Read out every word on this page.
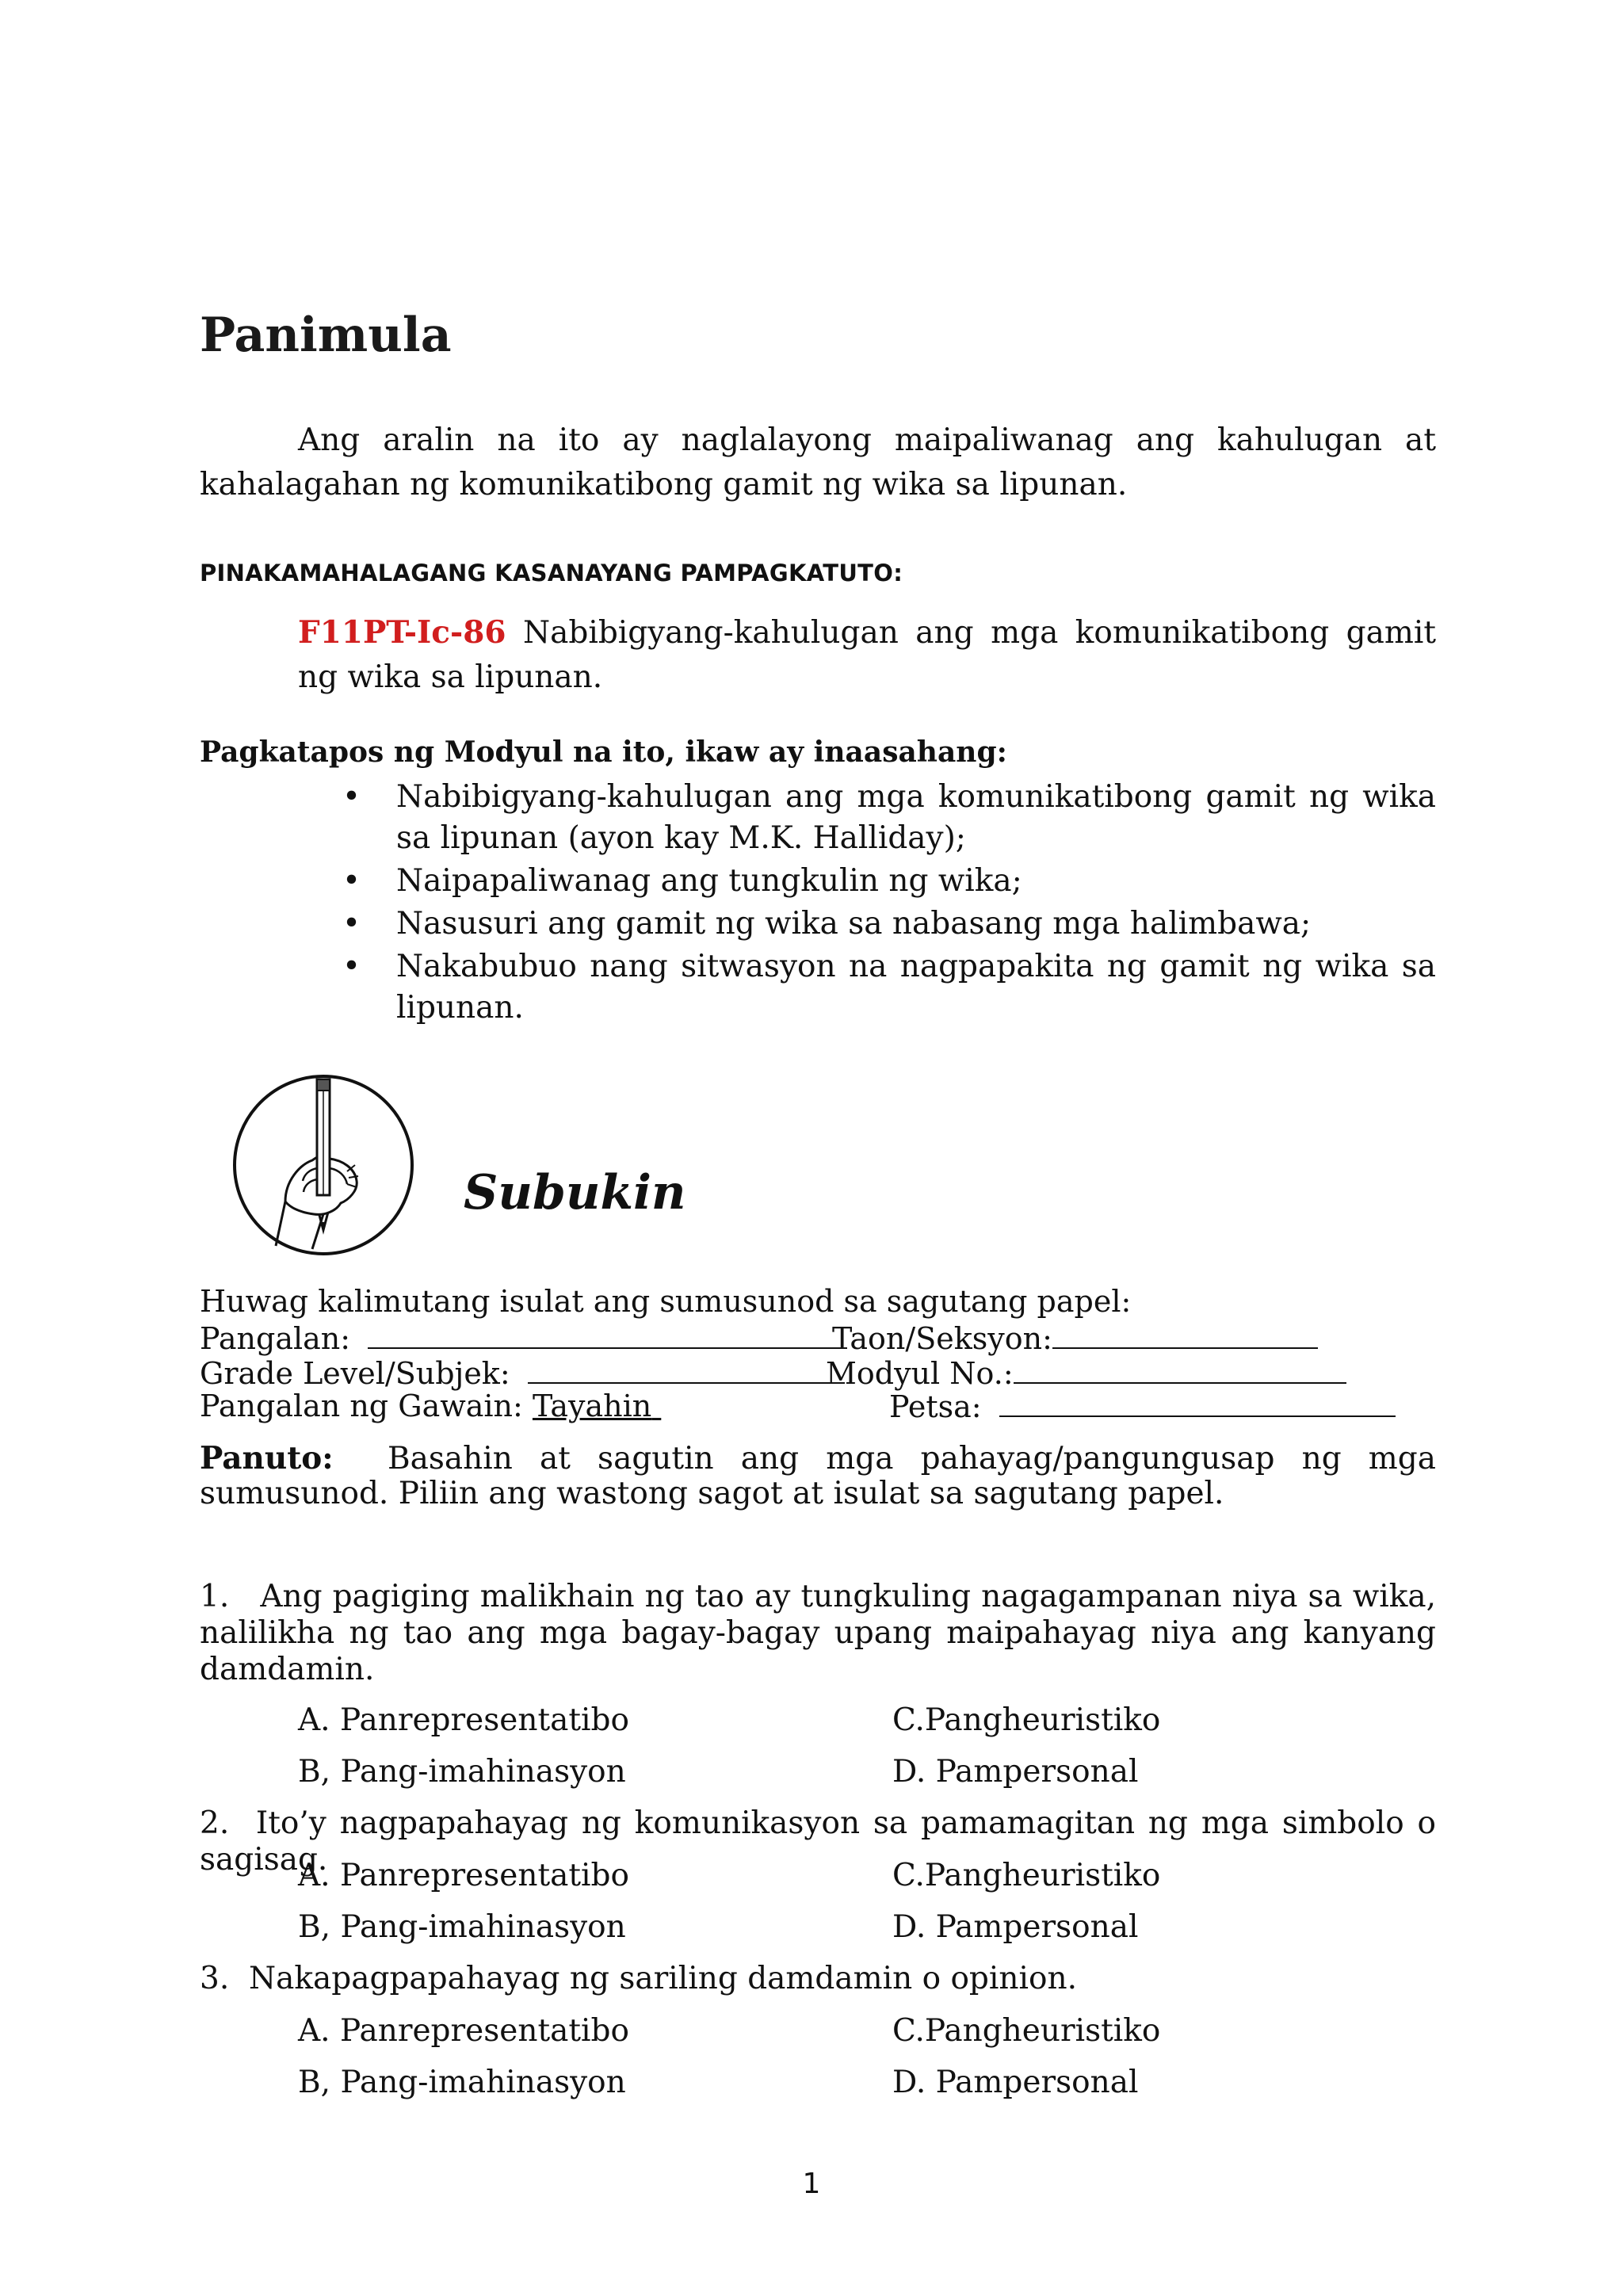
Panimula
Ang aralin na ito ay naglalayong maipaliwanag ang kahulugan at kahalagahan ng komunikatibong gamit ng wika sa lipunan.
PINAKAMAHALAGANG KASANAYANG PAMPAGKATUTO:
F11PT-Ic-86 Nabibigyang-kahulugan ang mga komunikatibong gamit ng wika sa lipunan.
Pagkatapos ng Modyul na ito, ikaw ay inaasahang:
• Nabibigyang-kahulugan ang mga komunikatibong gamit ng wika sa lipunan (ayon kay M.K. Halliday);
• Naipapaliwanag ang tungkulin ng wika;
• Nasusuri ang gamit ng wika sa nabasang mga halimbawa;
• Nakabubuo nang sitwasyon na nagpapakita ng gamit ng wika sa lipunan.
Subukin
Huwag kalimutang isulat ang sumusunod sa sagutang papel:
Pangalan:	Taon/Seksyon:
Grade Level/Subjek:	Modyul No.:
Pangalan ng Gawain: Tayahin	Petsa:
Panuto: Basahin at sagutin ang mga pahayag/pangungusap ng mga sumusunod. Piliin ang wastong sagot at isulat sa sagutang papel.
1. Ang pagiging malikhain ng tao ay tungkuling nagagampanan niya sa wika, nalilikha ng tao ang mga bagay-bagay upang maipahayag niya ang kanyang damdamin.
A. Panrepresentatibo	C.Pangheuristiko
B, Pang-imahinasyon	D. Pampersonal
2. Ito’y nagpapahayag ng komunikasyon sa pamamagitan ng mga simbolo o sagisag.
A. Panrepresentatibo	C.Pangheuristiko
B, Pang-imahinasyon	D. Pampersonal
3. Nakapagpapahayag ng sariling damdamin o opinion.
A. Panrepresentatibo	C.Pangheuristiko
B, Pang-imahinasyon	D. Pampersonal
1
